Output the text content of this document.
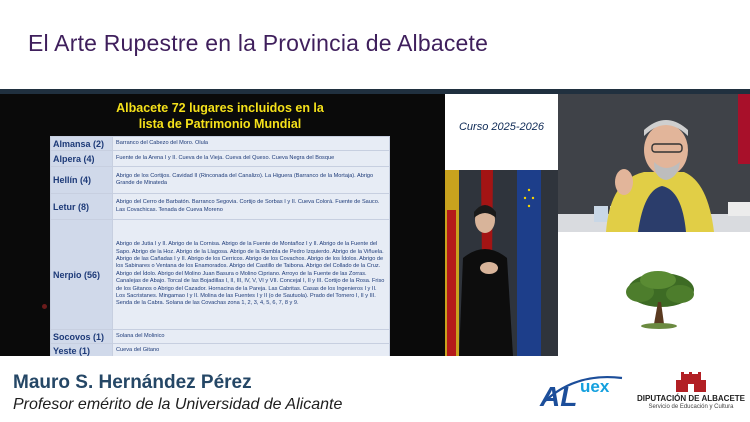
El Arte Rupestre en la Provincia de Albacete
Albacete 72 lugares incluidos en la
lista de Patrimonio Mundial
Almansa (2)	Barranco del Cabezo del Moro. Olula
Alpera (4)	Fuente de la Arena I y II. Cueva de la Vieja. Cueva del Queso. Cueva Negra del Bosque
Hellín (4)	Abrigo de los Cortijos. Cavidad II (Rinconada del Canalizo). La Higuera (Barranco de la Mortaja). Abrigo Grande de Minateda
Letur (8)	Abrigo del Cerro de Barbatón. Barranco Segovia. Cortijo de Sorbas I y II. Cueva Colorá. Fuente de Sauco. Las Covachicas. Tenada de Cueva Moreno
Nerpio (56)	Abrigo de Jutia I y II. Abrigo de la Cornisa. Abrigo de la Fuente de Montañoz I y II. Abrigo de la Fuente del Sapo. Abrigo de la Hoz. Abrigo de la Llagosa. Abrigo de la Rambla de Pedro Izquierdo. Abrigo de la Viñuela. Abrigo de las Cañadas I y II. Abrigo de los Cerricos. Abrigo de los Covachos. Abrigo de los Ídolos. Abrigo de los Sabinares o Ventana de los Enamorados. Abrigo del Castillo de Taibona. Abrigo del Collado de la Cruz. Abrigo del Ídolo. Abrigo del Molino Juan Basura o Molino Cipriano. Arroyo de la Fuente de las Zorras. Canalejas de Abajo. Torcal de las Bojadillas I, II, III, IV, V, VI y VII. Concejal I, II y III. Cortijo de la Rosa. Friso de los Gitanos o Abrigo del Cazador. Hornacina de la Pareja. Las Cabritas. Casas de los Ingenieros I y II. Los Sacristanes. Mingamao I y II. Molina de las Fuentes I y II (o de Sautuola). Prado del Tornero I, II y III. Senda de la Cabra. Solana de las Covachas zona 1, 2, 3, 4, 5, 6, 7, 8 y 9.
Socovos (1)	Solana del Molinico
Yeste (1)	Cueva del Gitano
Curso 2025-2026
Mauro S. Hernández Pérez
Profesor emérito de la Universidad de Alicante	AL uex
DIPUTACIÓN DE ALBACETE
Servicio de Educación y Cultura
